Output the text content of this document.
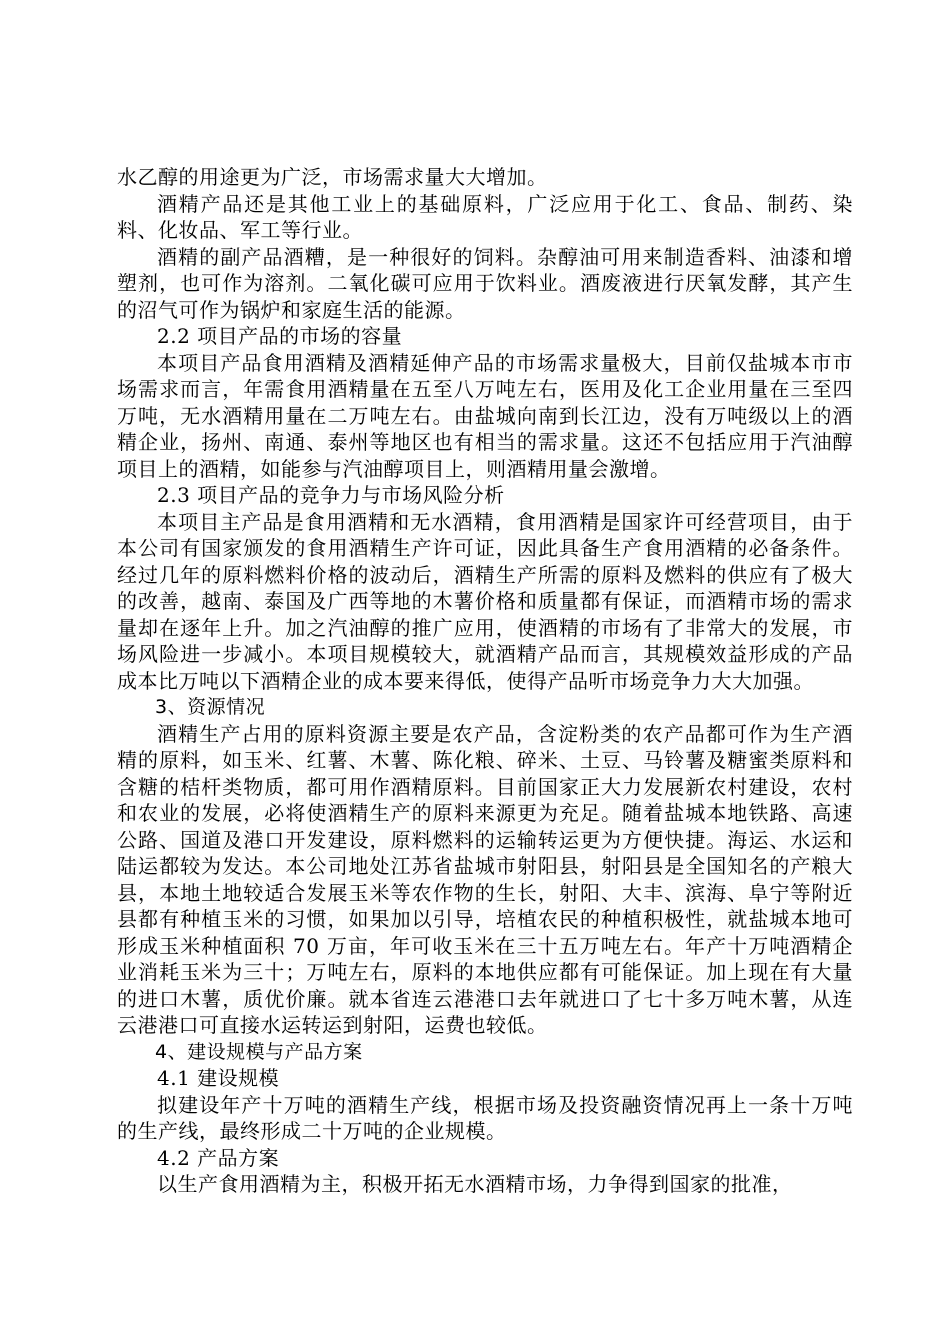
水乙醇的用途更为广泛，市场需求量大大增加。

酒精产品还是其他工业上的基础原料，广泛应用于化工、食品、制药、染料、化妆品、军工等行业。

酒精的副产品酒糟，是一种很好的饲料。杂醇油可用来制造香料、油漆和增塑剂，也可作为溶剂。二氧化碳可应用于饮料业。酒废液进行厌氧发酵，其产生的沼气可作为锅炉和家庭生活的能源。

2.2 项目产品的市场的容量

本项目产品食用酒精及酒精延伸产品的市场需求量极大，目前仅盐城本市市场需求而言，年需食用酒精量在五至八万吨左右，医用及化工企业用量在三至四万吨，无水酒精用量在二万吨左右。由盐城向南到长江边，没有万吨级以上的酒精企业，扬州、南通、泰州等地区也有相当的需求量。这还不包括应用于汽油醇项目上的酒精，如能参与汽油醇项目上，则酒精用量会激增。

2.3 项目产品的竞争力与市场风险分析

本项目主产品是食用酒精和无水酒精，食用酒精是国家许可经营项目，由于本公司有国家颁发的食用酒精生产许可证，因此具备生产食用酒精的必备条件。经过几年的原料燃料价格的波动后，酒精生产所需的原料及燃料的供应有了极大的改善，越南、泰国及广西等地的木薯价格和质量都有保证，而酒精市场的需求量却在逐年上升。加之汽油醇的推广应用，使酒精的市场有了非常大的发展，市场风险进一步减小。本项目规模较大，就酒精产品而言，其规模效益形成的产品成本比万吨以下酒精企业的成本要来得低，使得产品听市场竞争力大大加强。

3、资源情况

酒精生产占用的原料资源主要是农产品，含淀粉类的农产品都可作为生产酒精的原料，如玉米、红薯、木薯、陈化粮、碎米、土豆、马铃薯及糖蜜类原料和含糖的桔杆类物质，都可用作酒精原料。目前国家正大力发展新农村建设，农村和农业的发展，必将使酒精生产的原料来源更为充足。随着盐城本地铁路、高速公路、国道及港口开发建设，原料燃料的运输转运更为方便快捷。海运、水运和陆运都较为发达。本公司地处江苏省盐城市射阳县，射阳县是全国知名的产粮大县，本地土地较适合发展玉米等农作物的生长，射阳、大丰、滨海、阜宁等附近县都有种植玉米的习惯，如果加以引导，培植农民的种植积极性，就盐城本地可形成玉米种植面积 70 万亩，年可收玉米在三十五万吨左右。年产十万吨酒精企业消耗玉米为三十；万吨左右，原料的本地供应都有可能保证。加上现在有大量的进口木薯，质优价廉。就本省连云港港口去年就进口了七十多万吨木薯，从连云港港口可直接水运转运到射阳，运费也较低。

4、建设规模与产品方案

4.1 建设规模

拟建设年产十万吨的酒精生产线，根据市场及投资融资情况再上一条十万吨的生产线，最终形成二十万吨的企业规模。

4.2 产品方案

以生产食用酒精为主，积极开拓无水酒精市场，力争得到国家的批准，
